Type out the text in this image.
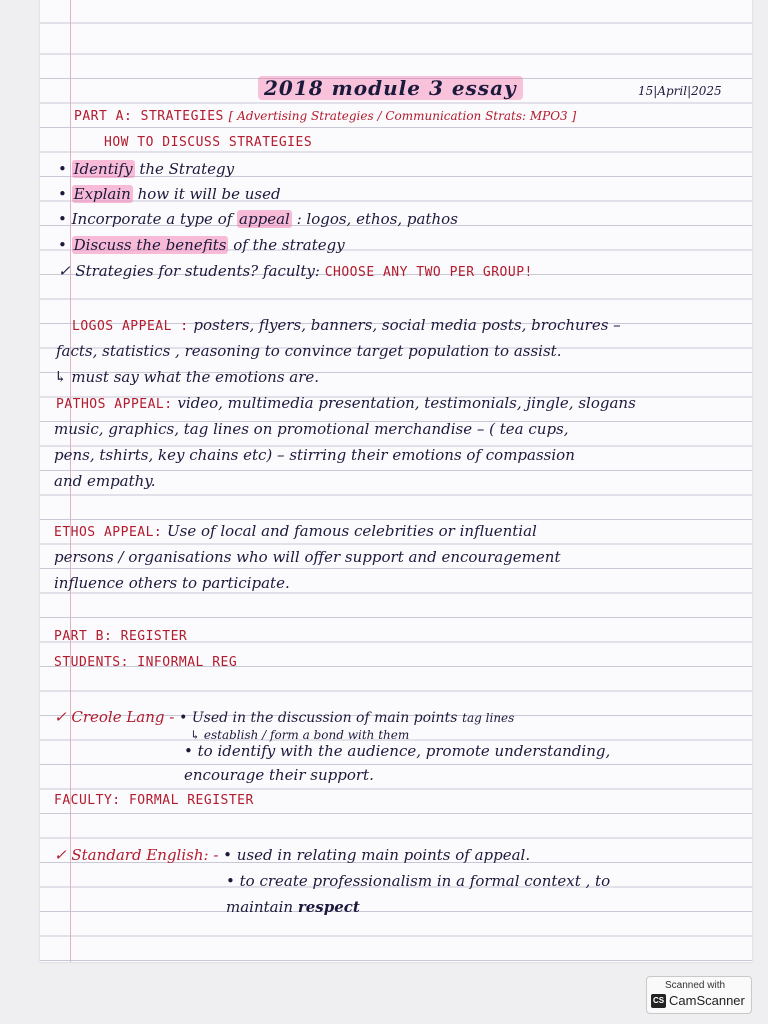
2018 module 3 essay	15|April|2025
PART A: STRATEGIES [ Advertising Strategies / Communication Strats: MPO3 ]
HOW TO DISCUSS STRATEGIES
• Identify the Strategy
• Explain how it will be used
• Incorporate a type of appeal : logos, ethos, pathos
• Discuss the benefits of the strategy
✓ Strategies for students? faculty: CHOOSE ANY TWO PER GROUP!
LOGOS APPEAL : posters, flyers, banners, social media posts, brochures –
facts, statistics , reasoning to convince target population to assist.
↳ must say what the emotions are.
PATHOS APPEAL: video, multimedia presentation, testimonials, jingle, slogans
music, graphics, tag lines on promotional merchandise – ( tea cups,
pens, tshirts, key chains etc) – stirring their emotions of compassion
and empathy.
ETHOS APPEAL: Use of local and famous celebrities or influential
persons / organisations who will offer support and encouragement
influence others to participate.
PART B: REGISTER
STUDENTS: INFORMAL REG
✓ Creole Lang - • Used in the discussion of main points tag lines
↳ establish / form a bond with them
• to identify with the audience, promote understanding,
encourage their support.
FACULTY: FORMAL REGISTER
✓ Standard English: - • used in relating main points of appeal.
• to create professionalism in a formal context , to
maintain respect
Scanned with
CS CamScanner
